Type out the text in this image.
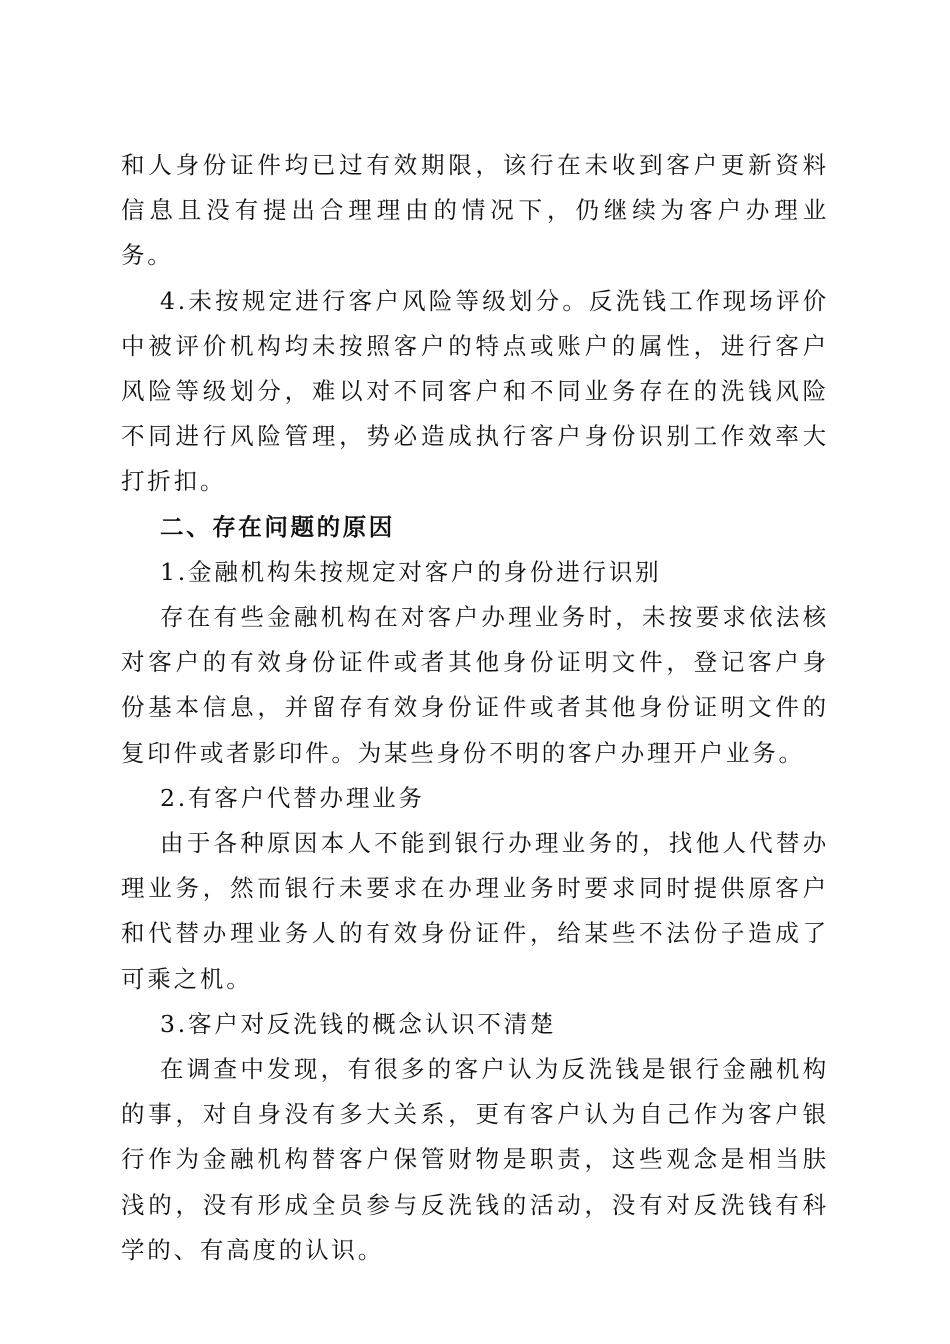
和人身份证件均已过有效期限，该行在未收到客户更新资料信息且没有提出合理理由的情况下，仍继续为客户办理业务。

4.未按规定进行客户风险等级划分。反洗钱工作现场评价中被评价机构均未按照客户的特点或账户的属性，进行客户风险等级划分，难以对不同客户和不同业务存在的洗钱风险不同进行风险管理，势必造成执行客户身份识别工作效率大打折扣。

二、存在问题的原因

1.金融机构朱按规定对客户的身份进行识别

存在有些金融机构在对客户办理业务时，未按要求依法核对客户的有效身份证件或者其他身份证明文件，登记客户身份基本信息，并留存有效身份证件或者其他身份证明文件的复印件或者影印件。为某些身份不明的客户办理开户业务。

2.有客户代替办理业务

由于各种原因本人不能到银行办理业务的，找他人代替办理业务，然而银行未要求在办理业务时要求同时提供原客户和代替办理业务人的有效身份证件，给某些不法份子造成了可乘之机。

3.客户对反洗钱的概念认识不清楚

在调查中发现，有很多的客户认为反洗钱是银行金融机构的事，对自身没有多大关系，更有客户认为自己作为客户银行作为金融机构替客户保管财物是职责，这些观念是相当肤浅的，没有形成全员参与反洗钱的活动，没有对反洗钱有科学的、有高度的认识。
